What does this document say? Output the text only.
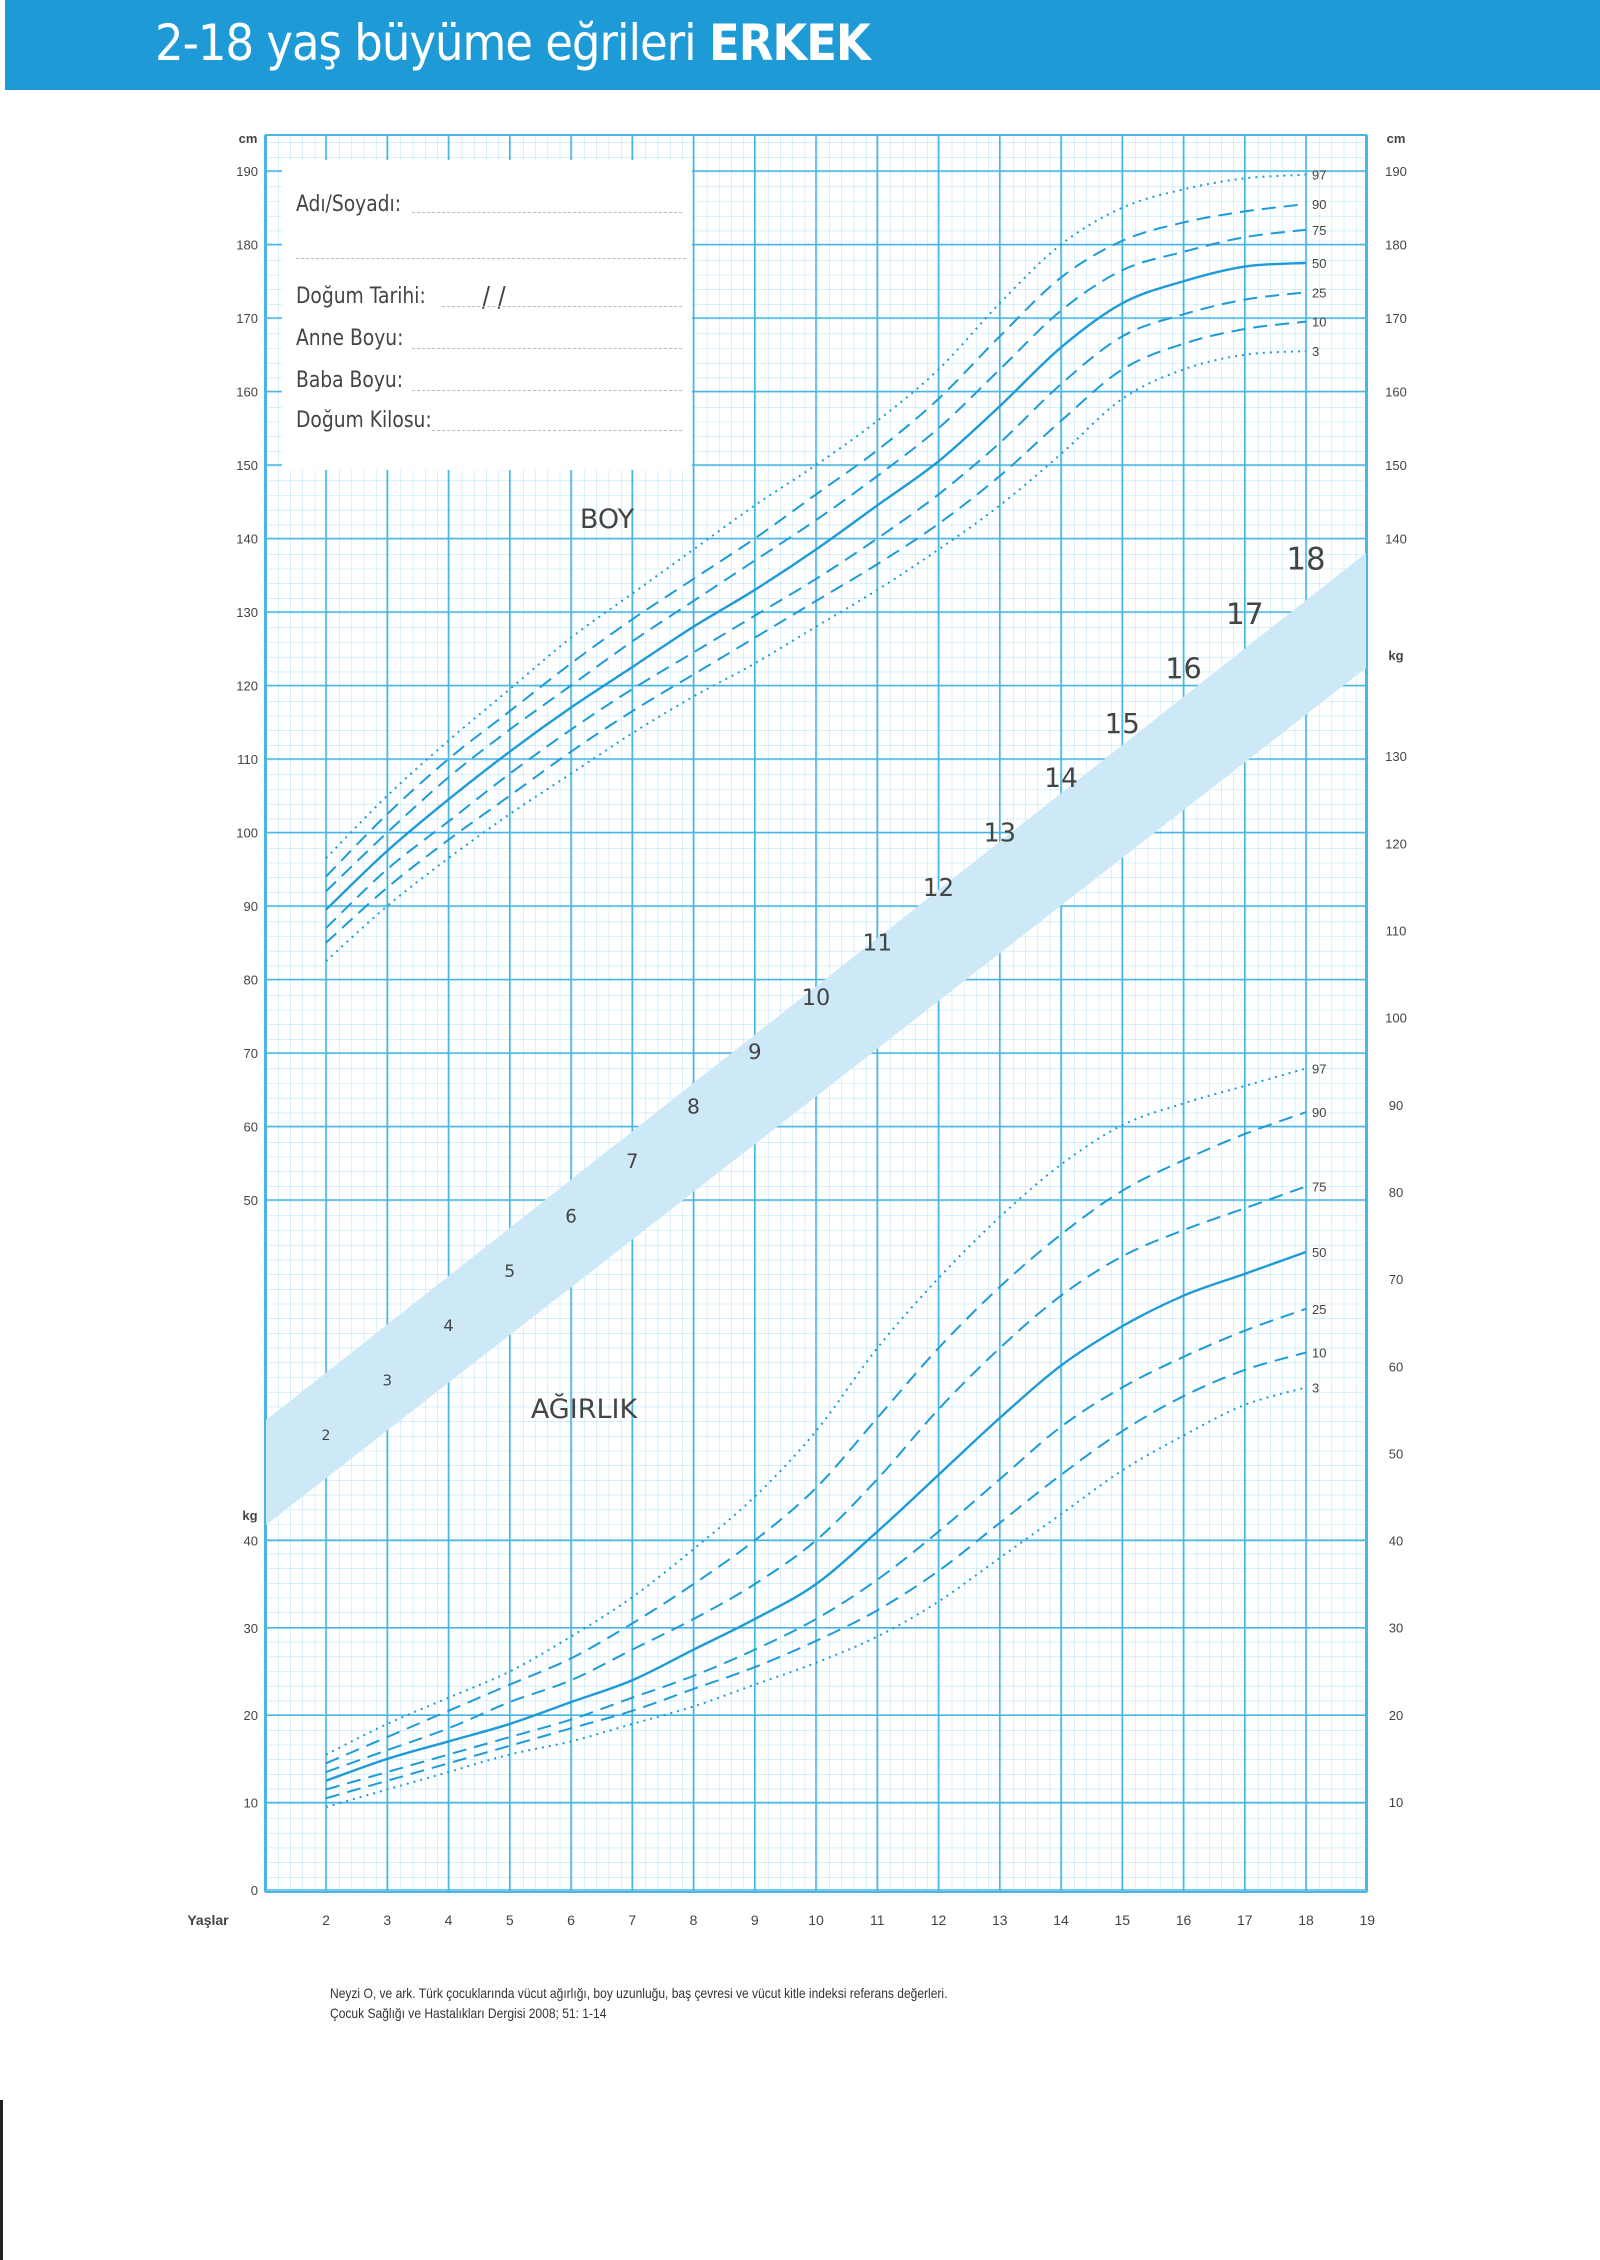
2-18 yaş büyüme eğrileri ERKEK
2
3
4
5
6
7
8
9
10
11
12
13
14
15
16
17
18
cm
50
60
70
80
90
100
110
120
130
140
150
160
170
180
190
cm
140
150
160
170
180
190
kg
0
10
20
30
40
kg
10
20
30
40
50
60
70
80
90
100
110
120
130
Yaşlar	2	3	4	5	6	7	8	9	10	11	12	13	14	15	16	17	18	19
BOY
AĞIRLIK
97
90
75
50
25
10
3
97
90
75
50
25
10
3
Adı/Soyadı:
Doğum Tarihi: / /
Anne Boyu:
Baba Boyu:
Doğum Kilosu:
Neyzi O, ve ark. Türk çocuklarında vücut ağırlığı, boy uzunluğu, baş çevresi ve vücut kitle indeksi referans değerleri.
Çocuk Sağlığı ve Hastalıkları Dergisi 2008; 51: 1-14
